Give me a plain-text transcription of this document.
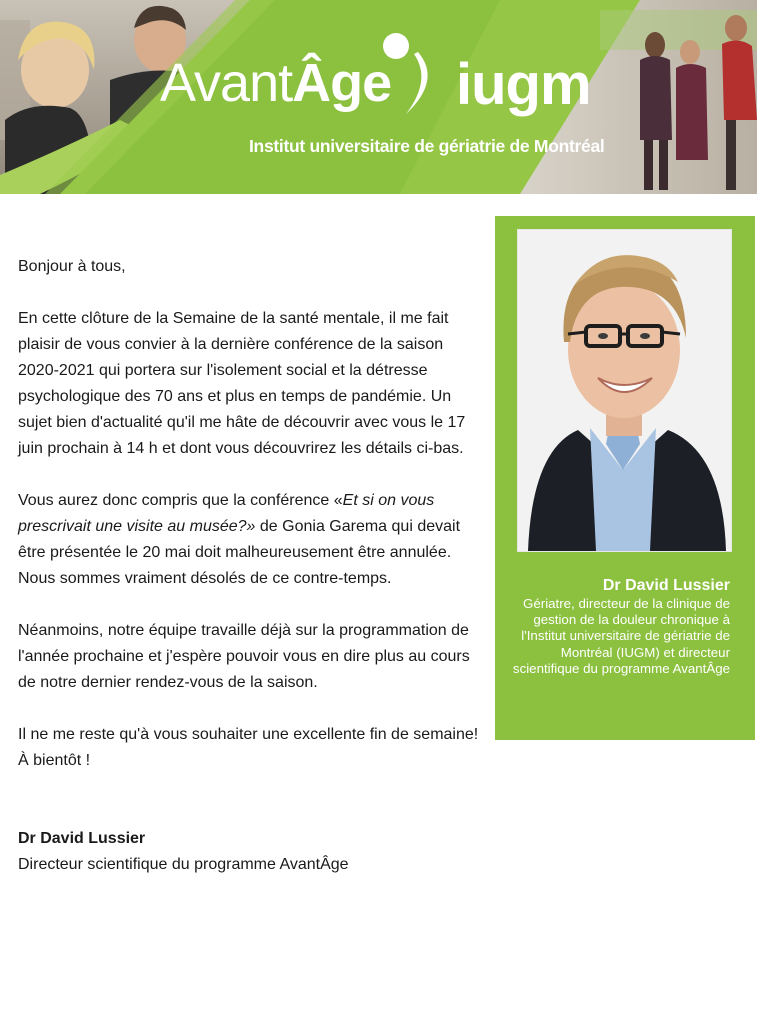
AvantÂge iugm
Institut universitaire de gériatrie de Montréal

Bonjour à tous,

En cette clôture de la Semaine de la santé mentale, il me fait plaisir de vous convier à la dernière conférence de la saison 2020-2021 qui portera sur l'isolement social et la détresse psychologique des 70 ans et plus en temps de pandémie. Un sujet bien d'actualité qu'il me hâte de découvrir avec vous le 17 juin prochain à 14 h et dont vous découvrirez les détails ci-bas.

Vous aurez donc compris que la conférence «Et si on vous prescrivait une visite au musée?» de Gonia Garema qui devait être présentée le 20 mai doit malheureusement être annulée. Nous sommes vraiment désolés de ce contre-temps.

Néanmoins, notre équipe travaille déjà sur la programmation de l'année prochaine et j'espère pouvoir vous en dire plus au cours de notre dernier rendez-vous de la saison.

Il ne me reste qu'à vous souhaiter une excellente fin de semaine!
À bientôt !

Dr David Lussier
Directeur scientifique du programme AvantÂge
Dr David Lussier
Gériatre, directeur de la clinique de gestion de la douleur chronique à l'Institut universitaire de gériatrie de Montréal (IUGM) et directeur scientifique du programme AvantÂge
